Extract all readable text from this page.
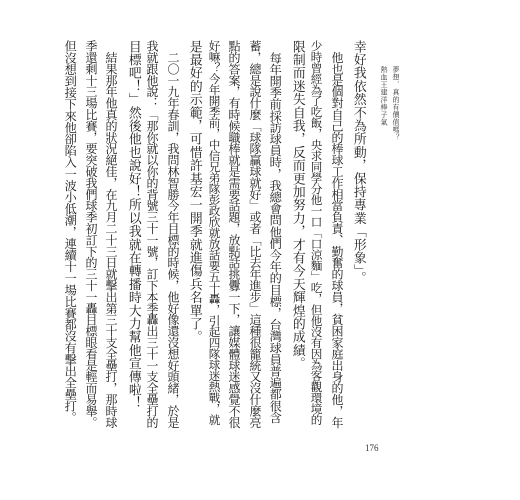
夢想．真的有價值嗎？
熱血王建洋棒子氣
幸好我依然不為所動，保持專業「形象」。
　他也是個對自己的棒球工作相當負責、勤奮的球員，貧困家庭出身的他，年
少時曾經為了吃飯，央求同學分他一口「口涼麵」吃，但他沒有因為客觀環境的
限制而迷失自我，反而更加努力，才有今天輝煌的成績。
　每年開季前採訪球員時，我總會問他們今年的目標，台灣球員普遍都很含
蓄，總是說什麼「球隊贏球就好」或者「比去年進步」這種很籠統又沒什麼亮
點的答案，有時候職棒就是需要話題，放點話挑釁一下，讓媒體球迷感覺不很
好嘛？今年開季前，中信兄弟隊彭政欣就放話要五十轟，引起四隊球迷熱戰，就
是最好的示範，可惜許基宏一開季就進傷兵名單了。
　二〇一九年春訓，我問林智勝今年目標的時候，他好像還沒想好頭緒，於是
我就跟他說：「那你就以你的背號三十一號，訂下本季轟出三十一支全壘打的
目標吧！」然後他也說好！所以我就在轉播時大力幫他宣傳啦！
　結果那年他真的狀況絕佳，在九月二十三日就擊出第三十支全壘打，那時球
季還剩十三場比賽，要突破我們球季初訂下的三十一轟目標眼看是輕而易舉。
但沒想到接下來他卻陷入一波小低潮，連續十一場比賽都沒有擊出全壘打。
176
